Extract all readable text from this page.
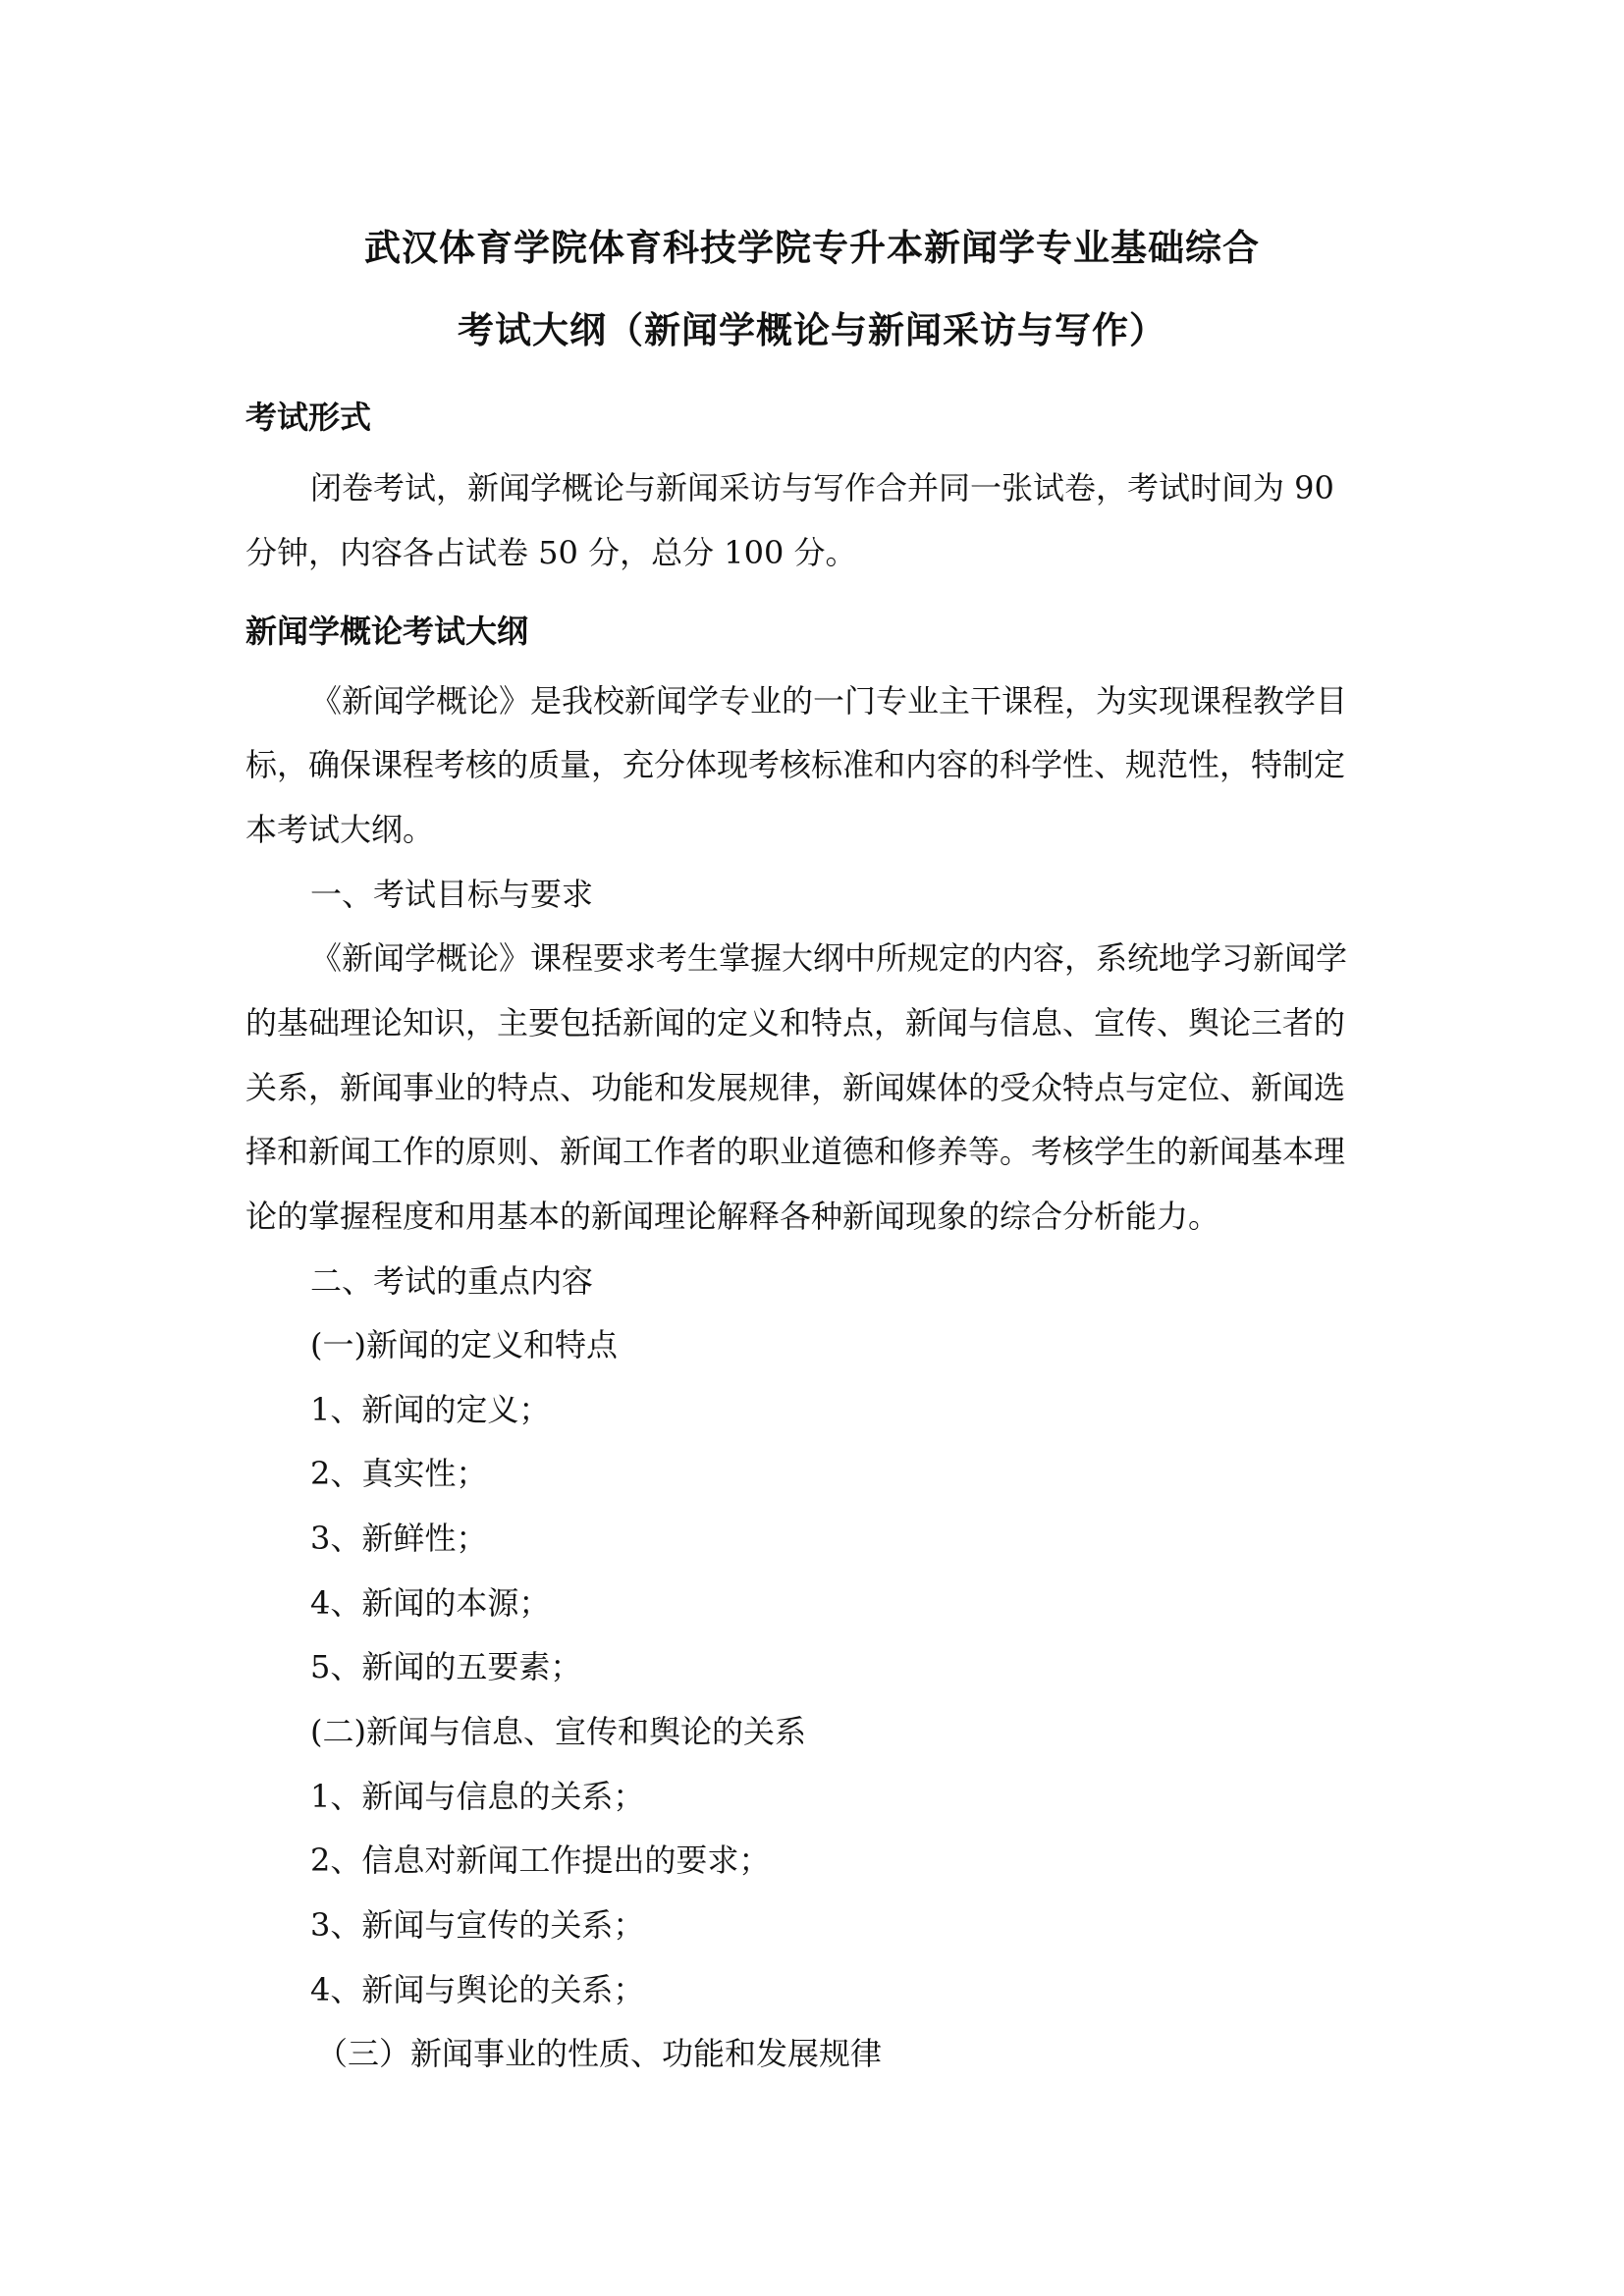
武汉体育学院体育科技学院专升本新闻学专业基础综合
考试大纲（新闻学概论与新闻采访与写作）
考试形式
闭卷考试，新闻学概论与新闻采访与写作合并同一张试卷，考试时间为 90
分钟，内容各占试卷 50 分，总分 100 分。
新闻学概论考试大纲
《新闻学概论》是我校新闻学专业的一门专业主干课程，为实现课程教学目
标，确保课程考核的质量，充分体现考核标准和内容的科学性、规范性，特制定
本考试大纲。
一、考试目标与要求
《新闻学概论》课程要求考生掌握大纲中所规定的内容，系统地学习新闻学
的基础理论知识，主要包括新闻的定义和特点，新闻与信息、宣传、舆论三者的
关系，新闻事业的特点、功能和发展规律，新闻媒体的受众特点与定位、新闻选
择和新闻工作的原则、新闻工作者的职业道德和修养等。考核学生的新闻基本理
论的掌握程度和用基本的新闻理论解释各种新闻现象的综合分析能力。
二、考试的重点内容
(一)新闻的定义和特点
1、新闻的定义；
2、真实性；
3、新鲜性；
4、新闻的本源；
5、新闻的五要素；
(二)新闻与信息、宣传和舆论的关系
1、新闻与信息的关系；
2、信息对新闻工作提出的要求；
3、新闻与宣传的关系；
4、新闻与舆论的关系；
（三）新闻事业的性质、功能和发展规律
